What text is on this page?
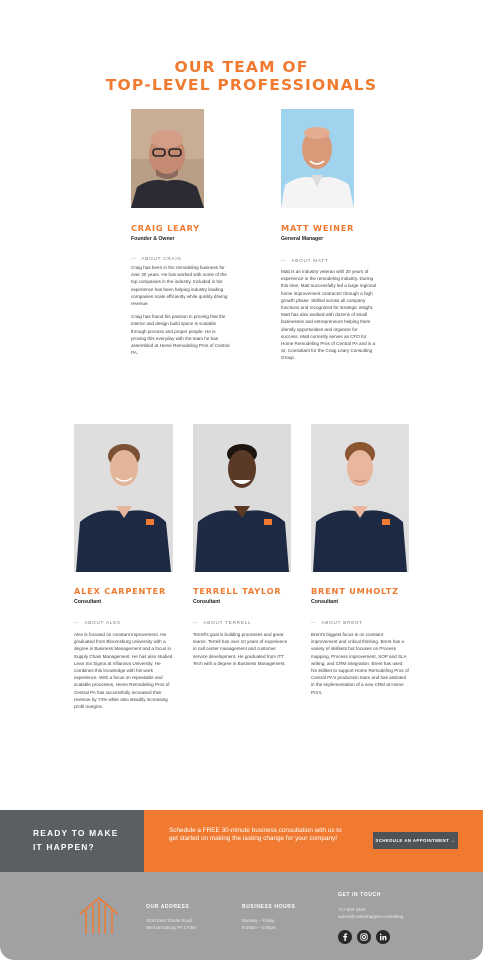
OUR TEAM OF
TOP-LEVEL PROFESSIONALS
CRAIG LEARY
Founder & Owner
— ABOUT CRAIG

Craig has been in the remodeling business for over 30 years. He has worked with some of the top companies in the industry. Included in his experience has been helping industry leading companies scale efficiently while quickly driving revenue.

Craig has found his passion in proving that the interior and design build space is scalable through process and proper people. He is proving this everyday with the team he has assembled at Home Remodeling Pros of Central PA.

MATT WEINER
General Manager
— ABOUT MATT

Matt is an industry veteran with 20 years of experience in the remodeling industry. During this time, Matt successfully led a large regional home improvement contractor through a high growth phase. Skilled across all company functions and recognized for strategic insight, Matt has also worked with dozens of small businesses and entrepreneurs helping them identify opportunities and organize for success. Matt currently serves as CFO for Home Remodeling Pros of Central PA and is a Sr. Consultant for the Craig Leary Consulting Group.

ALEX CARPENTER
Consultant
— ABOUT ALEX

Alex is focused on constant improvement. He graduated from Bloomsburg University with a degree in Business Management and a focus in Supply Chain Management. He has also studied Lean Six Sigma at Villanova University. He combines this knowledge with his work experience. With a focus on repeatable and scalable processes, Home Remodeling Pros of Central PA has successfully increased their revenue by 74% while also steadily increasing profit margins.

TERRELL TAYLOR
Consultant
— ABOUT TERRELL

Terrell's goal is building processes and great teams. Terrell has over 10 years of experience in call center management and customer service development. He graduated from ITT Tech with a degree in Business Management.

BRENT UMHOLTZ
Consultant
— ABOUT BRENT

Brent's biggest focus is on constant improvement and critical thinking. Brent has a variety of skillsets but focuses on Process mapping, Process improvement, SOP and SLA writing, and CRM integration. Brent has used his skillset to support Home Remodeling Pros of Central PA's production team and has assisted in the implementation of a new CRM at Home Pro's.

READY TO MAKE
IT HAPPEN?
Schedule a FREE 30-minute business consultation with us to get started on making the lasting change for your company!	SCHEDULE AN APPOINTMENT →
OUR ADDRESS
4610 East Trindle Road
Mechanicsburg PA 17050
BUSINESS HOURS
Monday – Friday
8:00am – 5:00pm
GET IN TOUCH
717-620-3463
admin@makeithappen.consulting
